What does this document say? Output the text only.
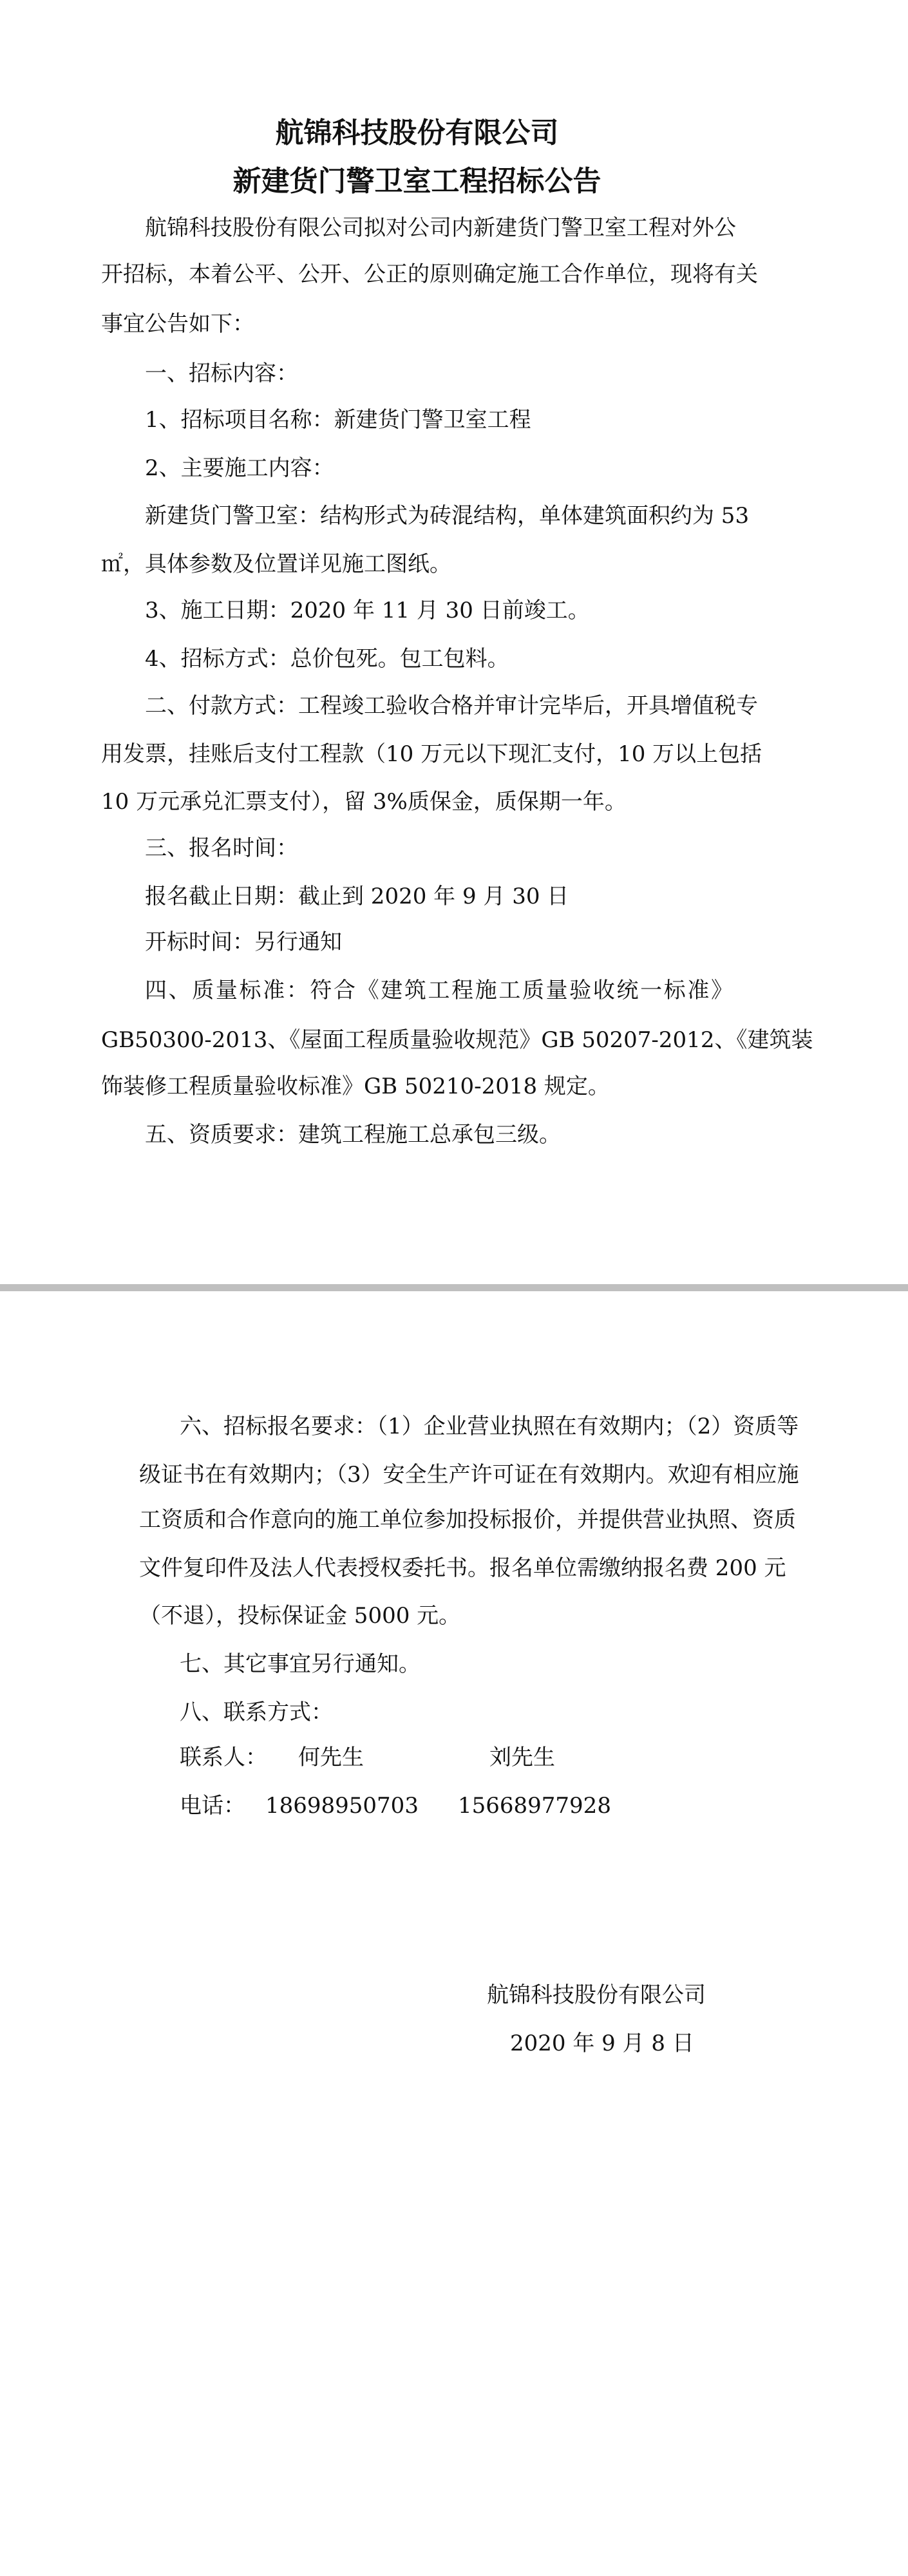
航锦科技股份有限公司
新建货门警卫室工程招标公告
航锦科技股份有限公司拟对公司内新建货门警卫室工程对外公
开招标，本着公平、公开、公正的原则确定施工合作单位，现将有关
事宜公告如下：
一、招标内容：
1、招标项目名称：新建货门警卫室工程
2、主要施工内容：
新建货门警卫室：结构形式为砖混结构，单体建筑面积约为 53
㎡，具体参数及位置详见施工图纸。
3、施工日期：2020 年 11 月 30 日前竣工。
4、招标方式：总价包死。包工包料。
二、付款方式：工程竣工验收合格并审计完毕后，开具增值税专
用发票，挂账后支付工程款（10 万元以下现汇支付，10 万以上包括
10 万元承兑汇票支付），留 3%质保金，质保期一年。
三、报名时间：
报名截止日期：截止到 2020 年 9 月 30 日
开标时间：另行通知
四、质量标准：符合《建筑工程施工质量验收统一标准》
GB50300-2013、《屋面工程质量验收规范》GB 50207-2012、《建筑装
饰装修工程质量验收标准》GB 50210-2018 规定。
五、资质要求：建筑工程施工总承包三级。
六、招标报名要求：（1）企业营业执照在有效期内；（2）资质等
级证书在有效期内；（3）安全生产许可证在有效期内。欢迎有相应施
工资质和合作意向的施工单位参加投标报价，并提供营业执照、资质
文件复印件及法人代表授权委托书。报名单位需缴纳报名费 200 元
（不退），投标保证金 5000 元。
七、其它事宜另行通知。
八、联系方式：
联系人： 何先生	刘先生
电话： 18698950703 15668977928
航锦科技股份有限公司
2020 年 9 月 8 日
